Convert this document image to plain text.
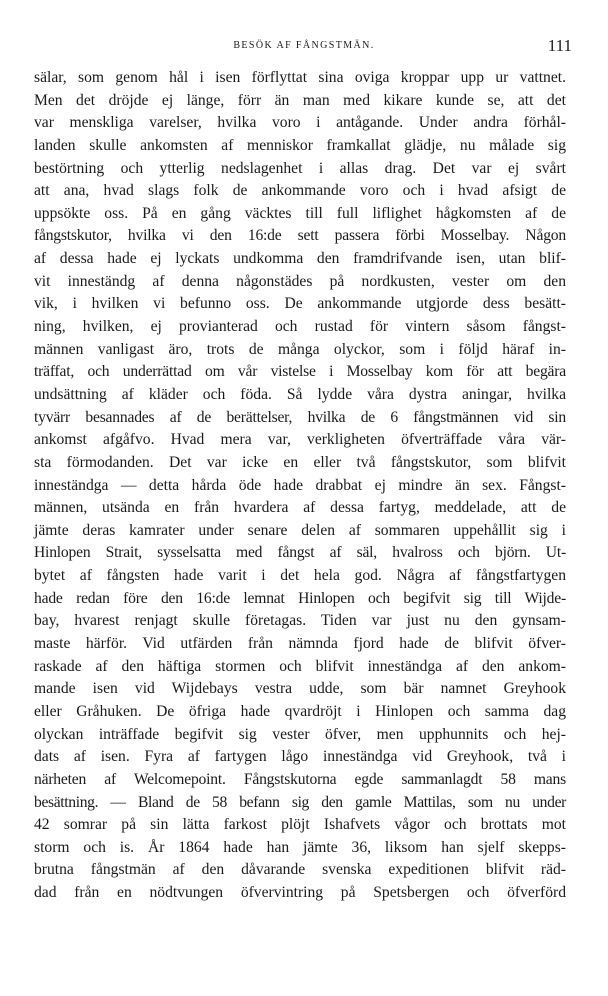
BESÖK AF FÅNGSTMÄN.	111
sälar, som genom hål i isen förflyttat sina oviga kroppar upp ur vattnet.
Men det dröjde ej länge, förr än man med kikare kunde se, att det
var menskliga varelser, hvilka voro i antågande. Under andra förhål-
landen skulle ankomsten af menniskor framkallat glädje, nu målade sig
bestörtning och ytterlig nedslagenhet i allas drag. Det var ej svårt
att ana, hvad slags folk de ankommande voro och i hvad afsigt de
uppsökte oss. På en gång väcktes till full liflighet hågkomsten af de
fångstskutor, hvilka vi den 16:de sett passera förbi Mosselbay. Någon
af dessa hade ej lyckats undkomma den framdrifvande isen, utan blif-
vit inneständg af denna någonstädes på nordkusten, vester om den
vik, i hvilken vi befunno oss. De ankommande utgjorde dess besätt-
ning, hvilken, ej provianterad och rustad för vintern såsom fångst-
männen vanligast äro, trots de många olyckor, som i följd häraf in-
träffat, och underrättad om vår vistelse i Mosselbay kom för att begära
undsättning af kläder och föda. Så lydde våra dystra aningar, hvilka
tyvärr besannades af de berättelser, hvilka de 6 fångstmännen vid sin
ankomst afgåfvo. Hvad mera var, verkligheten öfverträffade våra vär-
sta förmodanden. Det var icke en eller två fångstskutor, som blifvit
inneständga — detta hårda öde hade drabbat ej mindre än sex. Fångst-
männen, utsända en från hvardera af dessa fartyg, meddelade, att de
jämte deras kamrater under senare delen af sommaren uppehållit sig i
Hinlopen Strait, sysselsatta med fångst af säl, hvalross och björn. Ut-
bytet af fångsten hade varit i det hela god. Några af fångstfartygen
hade redan före den 16:de lemnat Hinlopen och begifvit sig till Wijde-
bay, hvarest renjagt skulle företagas. Tiden var just nu den gynsam-
maste härför. Vid utfärden från nämnda fjord hade de blifvit öfver-
raskade af den häftiga stormen och blifvit inneständga af den ankom-
mande isen vid Wijdebays vestra udde, som bär namnet Greyhook
eller Gråhuken. De öfriga hade qvardröjt i Hinlopen och samma dag
olyckan inträffade begifvit sig vester öfver, men upphunnits och hej-
dats af isen. Fyra af fartygen lågo inneständga vid Greyhook, två i
närheten af Welcomepoint. Fångstskutorna egde sammanlagdt 58 mans
besättning. — Bland de 58 befann sig den gamle Mattilas, som nu under
42 somrar på sin lätta farkost plöjt Ishafvets vågor och brottats mot
storm och is. År 1864 hade han jämte 36, liksom han sjelf skepps-
brutna fångstmän af den dåvarande svenska expeditionen blifvit räd-
dad från en nödtvungen öfvervintring på Spetsbergen och öfverförd
